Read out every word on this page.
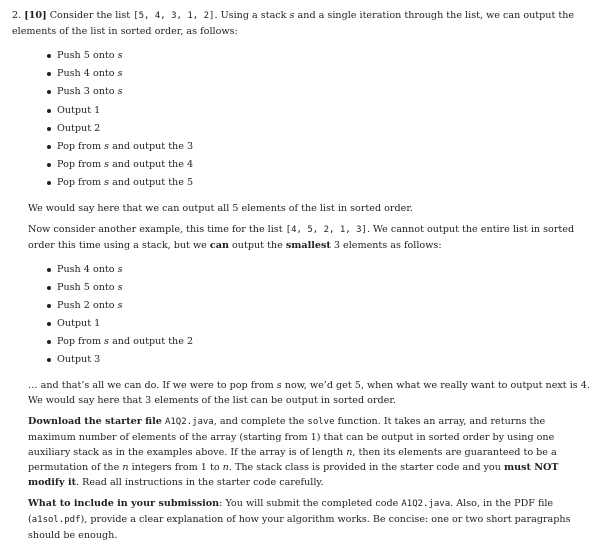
2. [10] Consider the list [5, 4, 3, 1, 2]. Using a stack s and a single iteration through the list, we can output the elements of the list in sorted order, as follows:

Push 5 onto s
Push 4 onto s
Push 3 onto s
Output 1
Output 2
Pop from s and output the 3
Pop from s and output the 4
Pop from s and output the 5

We would say here that we can output all 5 elements of the list in sorted order.

Now consider another example, this time for the list [4, 5, 2, 1, 3]. We cannot output the entire list in sorted order this time using a stack, but we can output the smallest 3 elements as follows:

Push 4 onto s
Push 5 onto s
Push 2 onto s
Output 1
Pop from s and output the 2
Output 3

… and that’s all we can do. If we were to pop from s now, we’d get 5, when what we really want to output next is 4. We would say here that 3 elements of the list can be output in sorted order.

Download the starter file A1Q2.java, and complete the solve function. It takes an array, and returns the maximum number of elements of the array (starting from 1) that can be output in sorted order by using one auxiliary stack as in the examples above. If the array is of length n, then its elements are guaranteed to be a permutation of the n integers from 1 to n. The stack class is provided in the starter code and you must NOT modify it. Read all instructions in the starter code carefully.

What to include in your submission: You will submit the completed code A1Q2.java. Also, in the PDF file (a1sol.pdf), provide a clear explanation of how your algorithm works. Be concise: one or two short paragraphs should be enough.
